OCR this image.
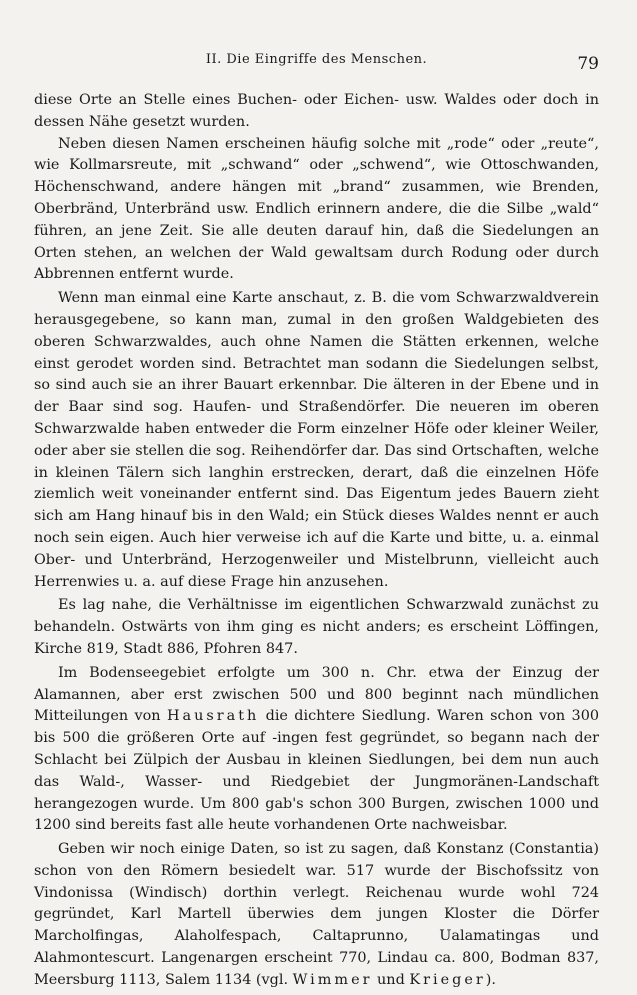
II. Die Eingriffe des Menschen.	79

diese Orte an Stelle eines Buchen- oder Eichen- usw. Waldes oder doch in dessen Nähe gesetzt wurden.

Neben diesen Namen erscheinen häufig solche mit „rode“ oder „reute“, wie Kollmarsreute, mit „schwand“ oder „schwend“, wie Ottoschwanden, Höchenschwand, andere hängen mit „brand“ zusammen, wie Brenden, Oberbränd, Unterbränd usw. Endlich erinnern andere, die die Silbe „wald“ führen, an jene Zeit. Sie alle deuten darauf hin, daß die Siedelungen an Orten stehen, an welchen der Wald gewaltsam durch Rodung oder durch Abbrennen entfernt wurde.

Wenn man einmal eine Karte anschaut, z. B. die vom Schwarzwaldverein herausgegebene, so kann man, zumal in den großen Waldgebieten des oberen Schwarzwaldes, auch ohne Namen die Stätten erkennen, welche einst gerodet worden sind. Betrachtet man sodann die Siedelungen selbst, so sind auch sie an ihrer Bauart erkennbar. Die älteren in der Ebene und in der Baar sind sog. Haufen- und Straßendörfer. Die neueren im oberen Schwarzwalde haben entweder die Form einzelner Höfe oder kleiner Weiler, oder aber sie stellen die sog. Reihendörfer dar. Das sind Ortschaften, welche in kleinen Tälern sich langhin erstrecken, derart, daß die einzelnen Höfe ziemlich weit voneinander entfernt sind. Das Eigentum jedes Bauern zieht sich am Hang hinauf bis in den Wald; ein Stück dieses Waldes nennt er auch noch sein eigen. Auch hier verweise ich auf die Karte und bitte, u. a. einmal Ober- und Unterbränd, Herzogenweiler und Mistelbrunn, vielleicht auch Herrenwies u. a. auf diese Frage hin anzusehen.

Es lag nahe, die Verhältnisse im eigentlichen Schwarzwald zunächst zu behandeln. Ostwärts von ihm ging es nicht anders; es erscheint Löffingen, Kirche 819, Stadt 886, Pfohren 847.

Im Bodenseegebiet erfolgte um 300 n. Chr. etwa der Einzug der Alamannen, aber erst zwischen 500 und 800 beginnt nach mündlichen Mitteilungen von Hausrath die dichtere Siedlung. Waren schon von 300 bis 500 die größeren Orte auf -ingen fest gegründet, so begann nach der Schlacht bei Zülpich der Ausbau in kleinen Siedlungen, bei dem nun auch das Wald-, Wasser- und Riedgebiet der Jungmoränen-Landschaft herangezogen wurde. Um 800 gab's schon 300 Burgen, zwischen 1000 und 1200 sind bereits fast alle heute vorhandenen Orte nachweisbar.

Geben wir noch einige Daten, so ist zu sagen, daß Konstanz (Constantia) schon von den Römern besiedelt war. 517 wurde der Bischofssitz von Vindonissa (Windisch) dorthin verlegt. Reichenau wurde wohl 724 gegründet, Karl Martell überwies dem jungen Kloster die Dörfer Marcholfingas, Alaholfespach, Caltaprunno, Ualamatingas und Alahmontescurt. Langenargen erscheint 770, Lindau ca. 800, Bodman 837, Meersburg 1113, Salem 1134 (vgl. Wimmer und Krieger).
